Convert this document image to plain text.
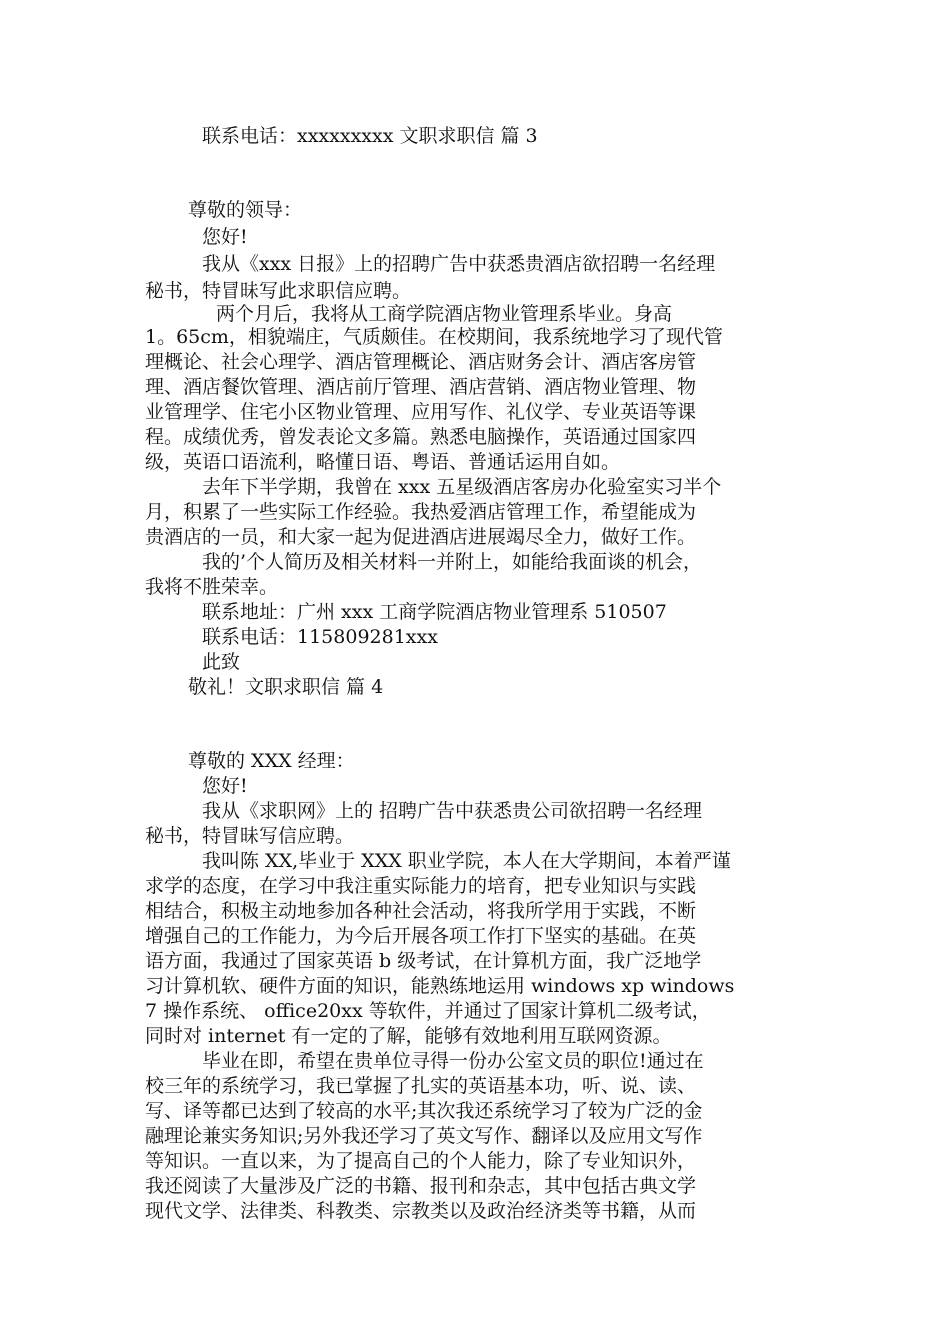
联系电话：xxxxxxxxx 文职求职信 篇 3
尊敬的领导：
您好!
我从《xxx 日报》上的招聘广告中获悉贵酒店欲招聘一名经理
秘书，特冒昧写此求职信应聘。
两个月后，我将从工商学院酒店物业管理系毕业。身高
1。65cm，相貌端庄，气质颇佳。在校期间，我系统地学习了现代管
理概论、社会心理学、酒店管理概论、酒店财务会计、酒店客房管
理、酒店餐饮管理、酒店前厅管理、酒店营销、酒店物业管理、物
业管理学、住宅小区物业管理、应用写作、礼仪学、专业英语等课
程。成绩优秀，曾发表论文多篇。熟悉电脑操作，英语通过国家四
级，英语口语流利，略懂日语、粤语、普通话运用自如。
去年下半学期，我曾在 xxx 五星级酒店客房办化验室实习半个
月，积累了一些实际工作经验。我热爱酒店管理工作，希望能成为
贵酒店的一员，和大家一起为促进酒店进展竭尽全力，做好工作。
我的’个人简历及相关材料一并附上，如能给我面谈的机会，
我将不胜荣幸。
联系地址：广州 xxx 工商学院酒店物业管理系 510507
联系电话：115809281xxx
此致
敬礼！文职求职信 篇 4
尊敬的 XXX 经理：
您好!
我从《求职网》上的 招聘广告中获悉贵公司欲招聘一名经理
秘书，特冒昧写信应聘。
我叫陈 XX,毕业于 XXX 职业学院，本人在大学期间，本着严谨
求学的态度，在学习中我注重实际能力的培育，把专业知识与实践
相结合，积极主动地参加各种社会活动，将我所学用于实践，不断
增强自己的工作能力，为今后开展各项工作打下坚实的基础。在英
语方面，我通过了国家英语 b 级考试，在计算机方面，我广泛地学
习计算机软、硬件方面的知识，能熟练地运用 windows xp windows
7 操作系统、 office20xx 等软件，并通过了国家计算机二级考试，
同时对 internet 有一定的了解，能够有效地利用互联网资源。
毕业在即，希望在贵单位寻得一份办公室文员的职位!通过在
校三年的系统学习，我已掌握了扎实的英语基本功，听、说、读、
写、译等都已达到了较高的水平;其次我还系统学习了较为广泛的金
融理论兼实务知识;另外我还学习了英文写作、翻译以及应用文写作
等知识。一直以来，为了提高自己的个人能力，除了专业知识外，
我还阅读了大量涉及广泛的书籍、报刊和杂志，其中包括古典文学
现代文学、法律类、科教类、宗教类以及政治经济类等书籍，从而
